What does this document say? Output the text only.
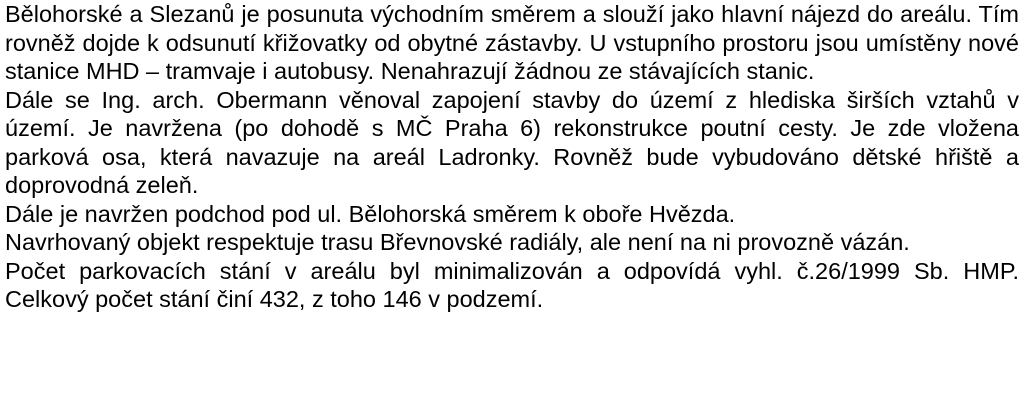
Bělohorské a Slezanů je posunuta východním směrem a slouží jako hlavní nájezd do areálu. Tím rovněž dojde k odsunutí křižovatky od obytné zástavby. U vstupního prostoru jsou umístěny nové stanice MHD – tramvaje i autobusy. Nenahrazují žádnou ze stávajících stanic.

Dále se Ing. arch. Obermann věnoval zapojení stavby do území z hlediska širších vztahů v území. Je navržena (po dohodě s MČ Praha 6) rekonstrukce poutní cesty. Je zde vložena parková osa, která navazuje na areál Ladronky. Rovněž bude vybudováno dětské hřiště a doprovodná zeleň.

Dále je navržen podchod pod ul. Bělohorská směrem k oboře Hvězda.

Navrhovaný objekt respektuje trasu Břevnovské radiály, ale není na ni provozně vázán.

Počet parkovacích stání v areálu byl minimalizován a odpovídá vyhl. č.26/1999 Sb. HMP. Celkový počet stání činí 432, z toho 146 v podzemí.
